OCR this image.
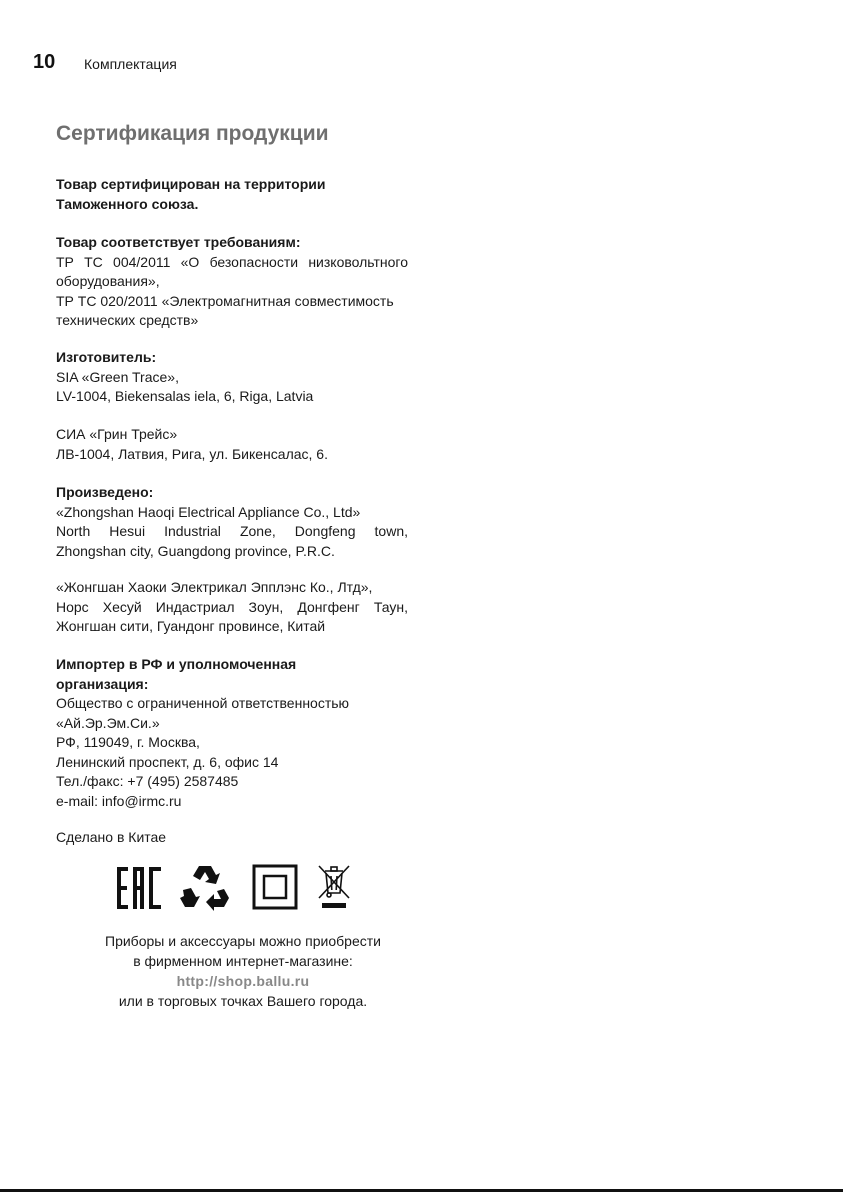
10 Комплектация
Сертификация продукции
Товар сертифицирован на территории
Таможенного союза.
Товар соответствует требованиям:
ТР ТС 004/2011 «О безопасности низковольтного
оборудования»,
ТР ТС 020/2011 «Электромагнитная совместимость
технических средств»
Изготовитель:
SIA «Green Trace»,
LV-1004, Biekensalas iela, 6, Riga, Latvia
СИА «Грин Трейс»
ЛВ-1004, Латвия, Рига, ул. Бикенсалас, 6.
Произведено:
«Zhongshan Haoqi Electrical Appliance Co., Ltd»
North Hesui Industrial Zone, Dongfeng town,
Zhongshan city, Guangdong province, P.R.C.
«Жонгшан Хаоки Электрикал Эпплэнс Ко., Лтд»,
Норс Хесуй Индастриал Зоун, Донгфенг Таун,
Жонгшан сити, Гуандонг провинсе, Китай
Импортер в РФ и уполномоченная
организация:
Общество с ограниченной ответственностью
«Ай.Эр.Эм.Си.»
РФ, 119049, г. Москва,
Ленинский проспект, д. 6, офис 14
Тел./факс: +7 (495) 2587485
e-mail: info@irmc.ru
Сделано в Китае
Приборы и аксессуары можно приобрести
в фирменном интернет-магазине:
http://shop.ballu.ru
или в торговых точках Вашего города.
